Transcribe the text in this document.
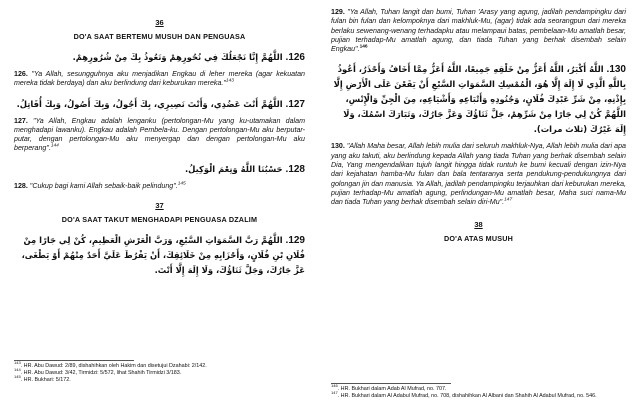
36
DO'A SAAT BERTEMU MUSUH DAN PENGUASA
126. اللَّهُمَّ إِنَّا نَجْعَلُكَ فِي نُحُورِهِمْ وَنَعُوذُ بِكَ مِنْ شُرُورِهِمْ.

126. "Ya Allah, sesungguhnya aku menjadikan Engkau di leher mereka (agar kekuatan mereka tidak berdaya) dan aku berlindung dari kebur​uk​an mereka."$^{143}$

127. اللَّهُمَّ أَنْتَ عَضُدِي، وَأَنْتَ نَصِيرِي، بِكَ أَجُولُ، وَبِكَ أَصُولُ، وَبِكَ أُقَاتِلُ.

127. "Ya Allah, Engkau adalah lenganku (pertolongan-Mu yang ku-utamakan dalam menghadapi lawanku). Engkau adalah Pembela-ku. Dengan pertolongan-Mu aku berputar-putar, dengan pertolongan-Mu aku menyergap dan dengan pertolongan-Mu aku berperang".$^{144}$

128. حَسْبُنَا اللَّهُ وَنِعْمَ الْوَكِيلُ.

128. "Cukup bagi kami Allah sebaik-baik pelindung".$^{145}$

37
DO'A SAAT TAKUT MENGHADAPI PENGUASA DZALIM
129. اللَّهُمَّ رَبَّ السَّمَوَاتِ السَّبْعِ، وَرَبَّ الْعَرْشِ الْعَظِيمِ، كُنْ لِي جَارًا مِنْ فُلَانِ بْنِ فُلَانٍ، وَأَحْزَابِهِ مِنْ خَلَائِقِكَ، أَنْ يَفْرُطَ عَلَيَّ أَحَدٌ مِنْهُمْ أَوْ يَطْغَى، عَزَّ جَارُكَ، وَجَلَّ ثَنَاؤُكَ، وَلَا إِلَهَ إِلَّا أَنْتَ.

$^{143}$. HR. Abu Dawud: 2/89, dishahihkan oleh Hakim dan disetujui Dzahabi: 2/142.

$^{144}$. HR. Abu Dawud: 3/42, Tirmidzi: 5/572, lihat Shahih Tirmidzi 3/183.

$^{145}$. HR. Bukhari: 5/172.

129. "Ya Allah, Tuhan langit dan bumi, Tuhan 'Arasy yang agung, jadilah pendampingku dari fulan bin fulan dan kelompoknya dari makhluk-Mu, (agar) tidak ada seorangpun dari mereka berlaku sewenang-wenang terhadapku atau melampaui batas, pembelaan-Mu amatlah besar, pujian terhadap-Mu amatlah agung, dan tiada Tuhan yang berhak disembah selain Engkau".$^{146}$

130. اللَّهُ أَكْبَرُ، اللَّهُ أَعَزُّ مِنْ خَلْقِهِ جَمِيعًا، اللَّهُ أَعَزُّ مِمَّا أَخَافُ وَأَحْذَرُ، أَعُوذُ بِاللَّهِ الَّذِي لَا إِلَهَ إِلَّا هُوَ، الْمُمْسِكِ السَّمَوَاتِ السَّبْعِ أَنْ يَقَعْنَ عَلَى الْأَرْضِ إِلَّا بِإِذْنِهِ، مِنْ شَرِّ عَبْدِكَ فُلَانٍ، وَجُنُودِهِ وَأَتْبَاعِهِ وَأَشْيَاعِهِ، مِنَ الْجِنِّ وَالْإِنْسِ، اللَّهُمَّ كُنْ لِي جَارًا مِنْ شَرِّهِمْ، جَلَّ ثَنَاؤُكَ وَعَزَّ جَارُكَ، وَتَبَارَكَ اسْمُكَ، وَلَا إِلَهَ غَيْرُكَ (ثلاث مرات).

130. "Allah Maha besar, Allah lebih mulia dari seluruh makhluk-Nya, Allah lebih mulia dari apa yang aku takuti, aku berlindung kepada Allah yang tiada Tuhan yang berhak disembah selain Dia, Yang mengendalikan tujuh langit hingga tidak runtuh ke bumi kecuali dengan izin-Nya dari kejahatan hamba-Mu fulan dan bala tentaranya serta pendukung-pendukungnya dari golongan jin dan manusia. Ya Allah, jadilah pendampingku terjauhkan dari keburukan mereka, pujian terhadap-Mu amatlah agung, perlindungan-Mu amatlah besar, Maha suci nama-Mu dan tiada Tuhan yang berhak disembah selain diri-Mu".$^{147}$

38
DO'A ATAS MUSUH

$^{146}$. HR. Bukhari dalam Adab Al Mufrad, no. 707.

$^{147}$. HR. Bukhari dalam Al Adabul Mufrad, no. 708, dishahihkan Al Albani dan Shahih Al Adabul Mufrad, no. 546.
